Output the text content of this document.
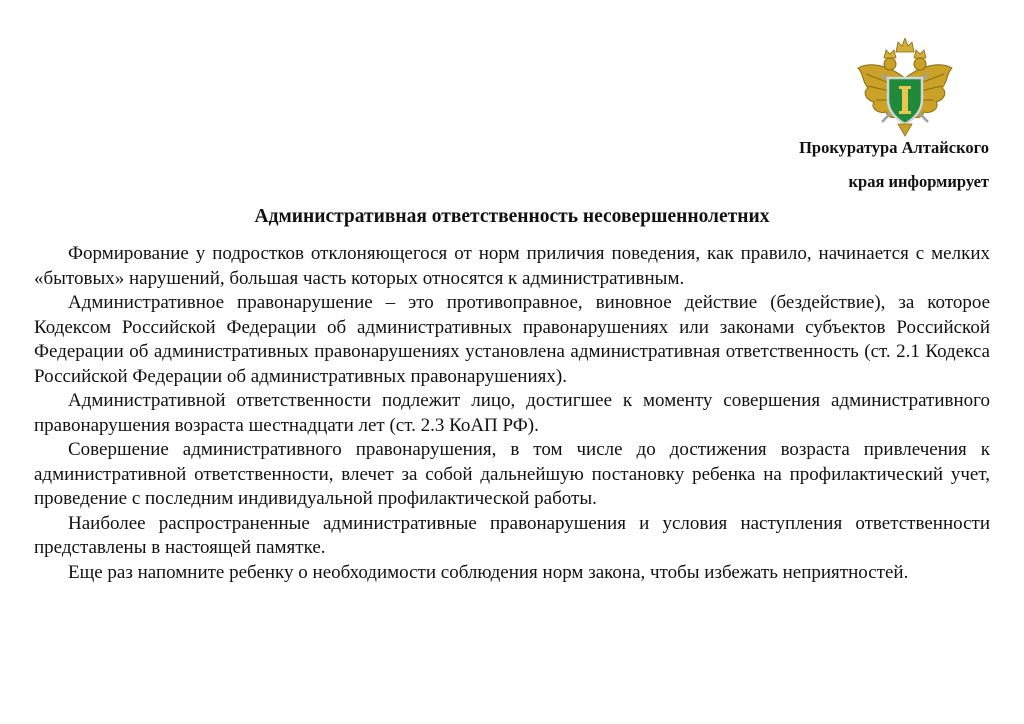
Прокуратура Алтайского
края информирует
Административная ответственность несовершеннолетних

Формирование у подростков отклоняющегося от норм приличия поведения, как правило, начинается с мелких «бытовых» нарушений, большая часть которых относятся к административным.

Административное правонарушение – это противоправное, виновное действие (бездействие), за которое Кодексом Российской Федерации об административных правонарушениях или законами субъектов Российской Федерации об административных правонарушениях установлена административная ответственность (ст. 2.1 Кодекса Российской Федерации об административных правонарушениях).

Административной ответственности подлежит лицо, достигшее к моменту совершения административного правонарушения возраста шестнадцати лет (ст. 2.3 КоАП РФ).

Совершение административного правонарушения, в том числе до достижения возраста привлечения к административной ответственности, влечет за собой дальнейшую постановку ребенка на профилактический учет, проведение с последним индивидуальной профилактической работы.

Наиболее распространенные административные правонарушения и условия наступления ответственности представлены в настоящей памятке.

Еще раз напомните ребенку о необходимости соблюдения норм закона, чтобы избежать неприятностей.
